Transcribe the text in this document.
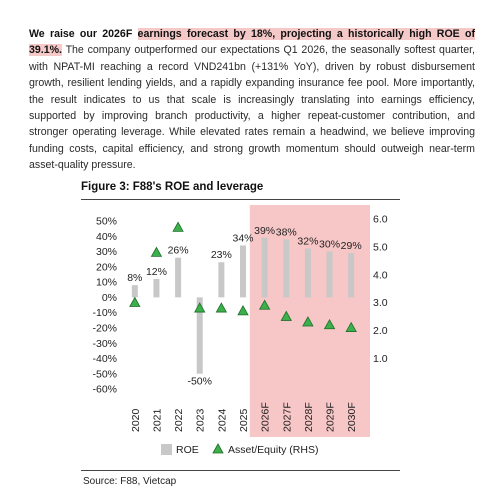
We raise our 2026F earnings forecast by 18%, projecting a historically high ROE of 39.1%. The company outperformed our expectations Q1 2026, the seasonally softest quarter, with NPAT-MI reaching a record VND241bn (+131% YoY), driven by robust disbursement growth, resilient lending yields, and a rapidly expanding insurance fee pool. More importantly, the result indicates to us that scale is increasingly translating into earnings efficiency, supported by improving branch productivity, a higher repeat-customer contribution, and stronger operating leverage. While elevated rates remain a headwind, we believe improving funding costs, capital efficiency, and strong growth momentum should outweigh near-term asset-quality pressure.
Figure 3: F88's ROE and leverage
50%
40%
30%
20%
10%
0%
-10%
-20%
-30%
-40%
-50%
-60%
6.0
5.0
4.0
3.0
2.0
1.0
8%
12%
26%
-50%
23%
34%
39% 38%
32% 30% 29%
2020 2021 2022 2023 2024 2025 2026F 2027F 2028F 2029F 2030F
ROE	Asset/Equity (RHS)
Source: F88, Vietcap
